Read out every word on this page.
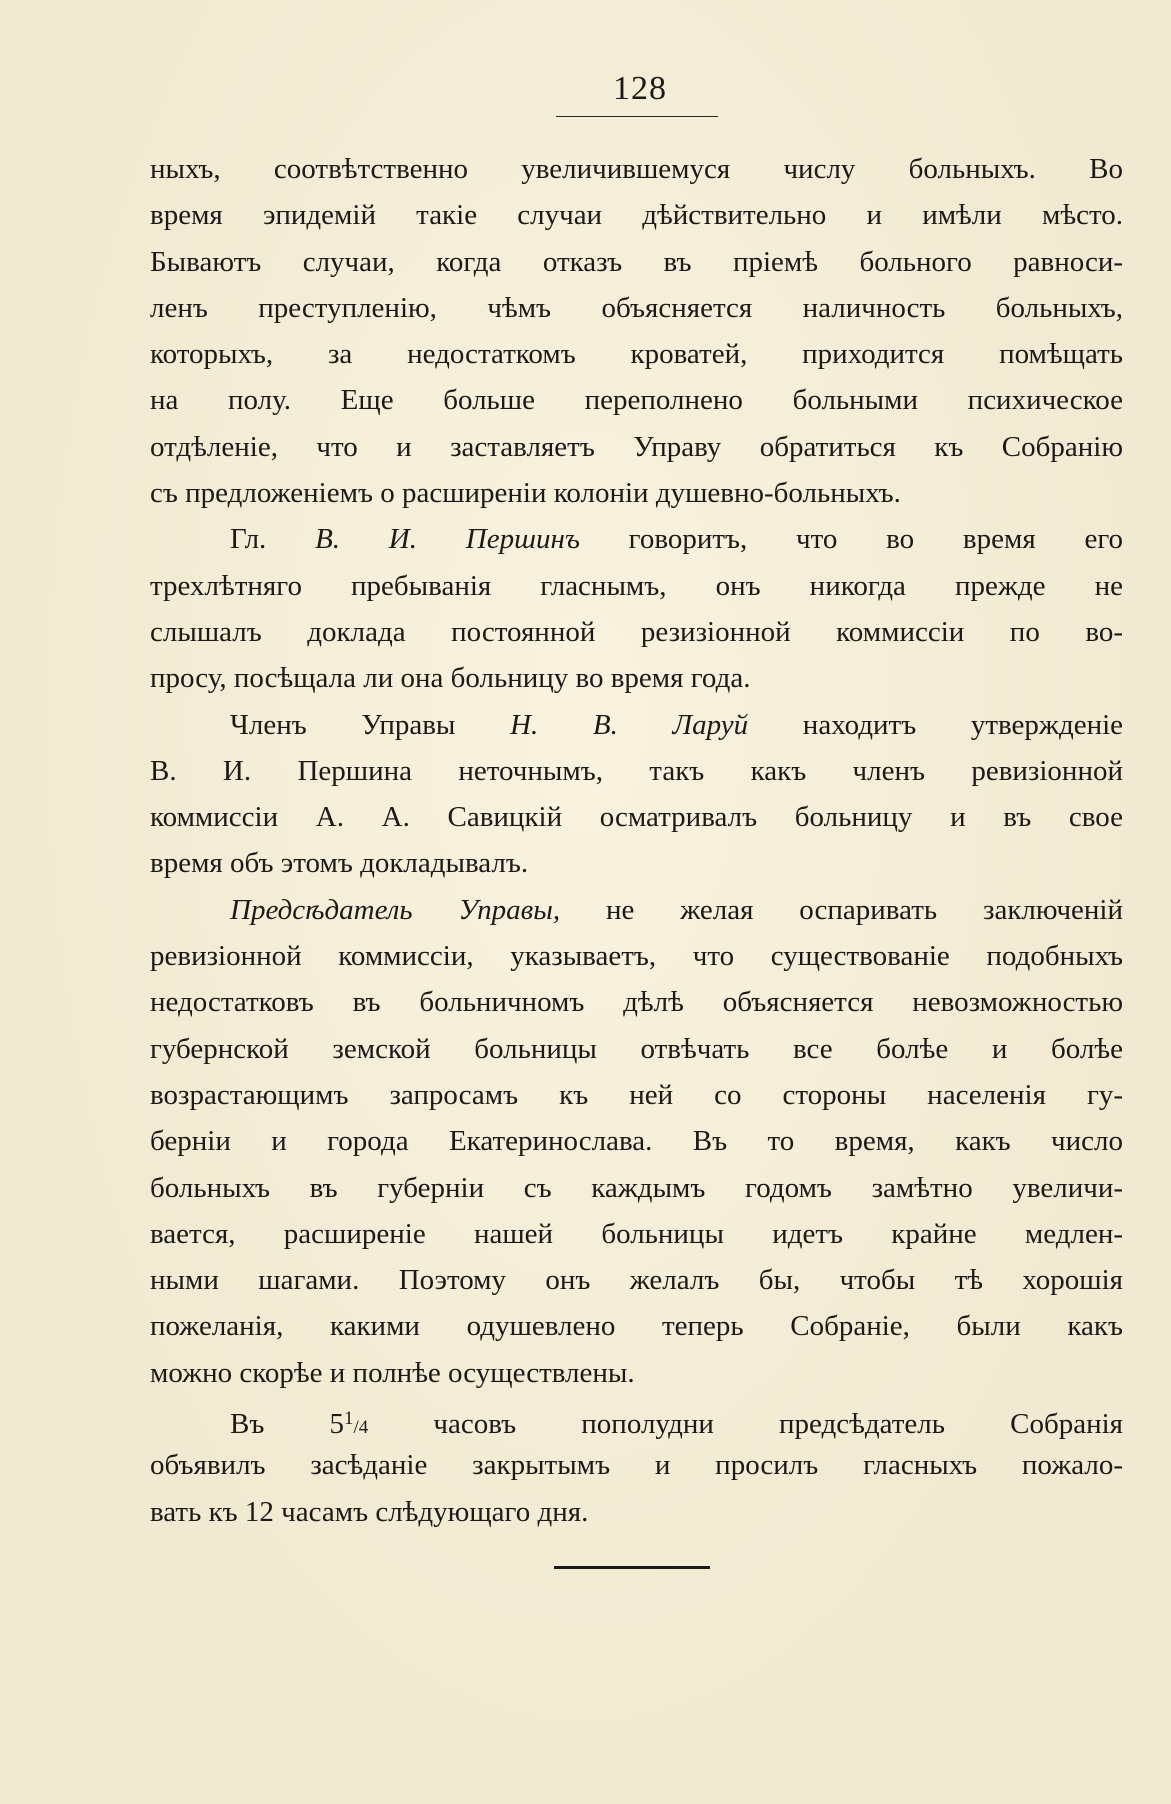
128
ныхъ, соотвѣтственно увеличившемуся числу больныхъ. Во
время эпидемій такіе случаи дѣйствительно и имѣли мѣсто.
Бываютъ случаи, когда отказъ въ пріемѣ больного равноси-
ленъ преступленію, чѣмъ объясняется наличность больныхъ,
которыхъ, за недостаткомъ кроватей, приходится помѣщать
на полу. Еще больше переполнено больными психическое
отдѣленіе, что и заставляетъ Управу обратиться къ Собранію
съ предложеніемъ о расширеніи колоніи душевно-больныхъ.
Гл. В. И. Першинъ говоритъ, что во время его
трехлѣтняго пребыванія гласнымъ, онъ никогда прежде не
слышалъ доклада постоянной резизіонной коммиссіи по во-
просу, посѣщала ли она больницу во время года.
Членъ Управы Н. В. Ларуй находитъ утвержденіе
В. И. Першина неточнымъ, такъ какъ членъ ревизіонной
коммиссіи А. А. Савицкій осматривалъ больницу и въ свое
время объ этомъ докладывалъ.
Предсѣдатель Управы, не желая оспаривать заключеній
ревизіонной коммиссіи, указываетъ, что существованіе подобныхъ
недостатковъ въ больничномъ дѣлѣ объясняется невозможностью
губернской земской больницы отвѣчать все болѣе и болѣе
возрастающимъ запросамъ къ ней со стороны населенія гу-
берніи и города Екатеринослава. Въ то время, какъ число
больныхъ въ губерніи съ каждымъ годомъ замѣтно увеличи-
вается, расширеніе нашей больницы идетъ крайне медлен-
ными шагами. Поэтому онъ желалъ бы, чтобы тѣ хорошія
пожеланія, какими одушевлено теперь Собраніе, были какъ
можно скорѣе и полнѣе осуществлены.
Въ $5^1/4$ часовъ пополудни предсѣдатель Собранія
объявилъ засѣданіе закрытымъ и просилъ гласныхъ пожало-
вать къ 12 часамъ слѣдующаго дня.
